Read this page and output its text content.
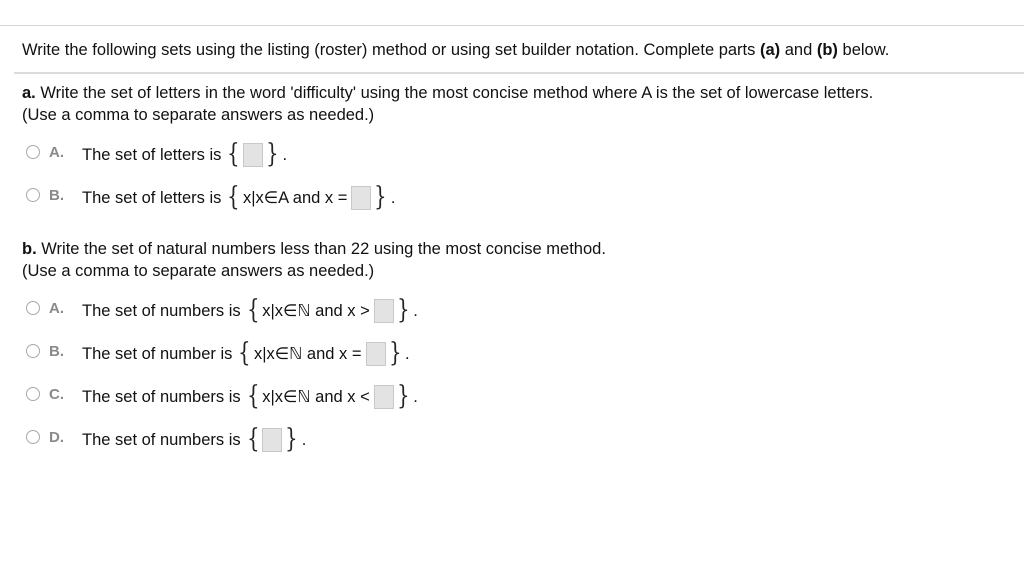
Write the following sets using the listing (roster) method or using set builder notation. Complete parts (a) and (b) below.
a. Write the set of letters in the word 'difficulty' using the most concise method where A is the set of lowercase letters.
(Use a comma to separate answers as needed.)
A.	The set of letters is { } .
B.	The set of letters is { x|x∈A and x = } .
b. Write the set of natural numbers less than 22 using the most concise method.
(Use a comma to separate answers as needed.)
A.	The set of numbers is { x|x∈ℕ and x > } .
B.	The set of number is { x|x∈ℕ and x = } .
C.	The set of numbers is { x|x∈ℕ and x < } .
D.	The set of numbers is { } .
